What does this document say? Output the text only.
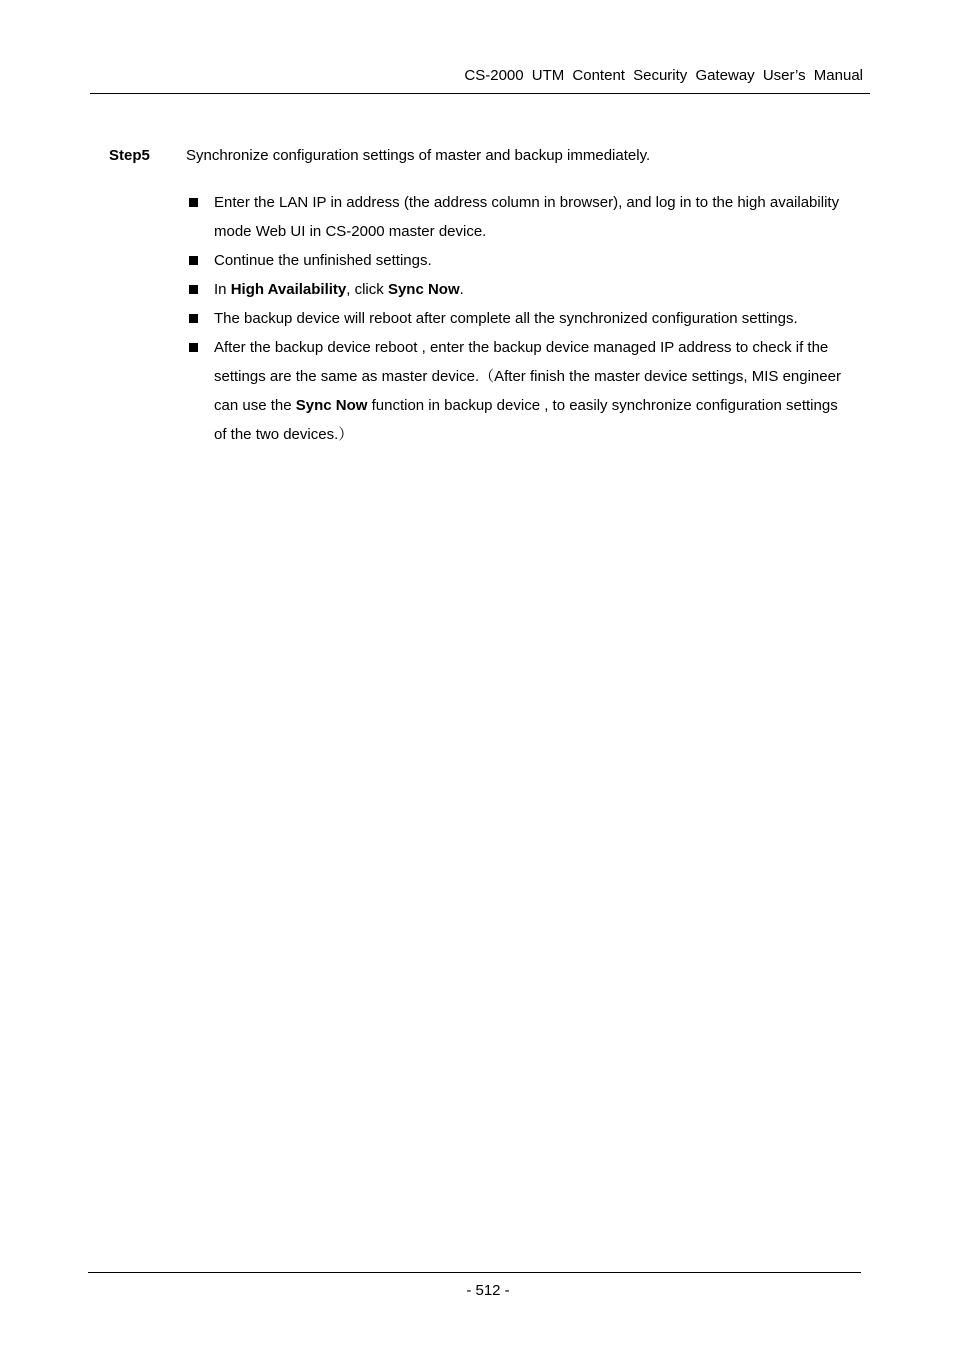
CS-2000 UTM Content Security Gateway User’s Manual
Step5 Synchronize configuration settings of master and backup immediately.
Enter the LAN IP in address (the address column in browser), and log in to the high availability mode Web UI in CS-2000 master device.
Continue the unfinished settings.
In High Availability, click Sync Now.
The backup device will reboot after complete all the synchronized configuration settings.
After the backup device reboot , enter the backup device managed IP address to check if the settings are the same as master device.（After finish the master device settings, MIS engineer can use the Sync Now function in backup device , to easily synchronize configuration settings of the two devices.）
- 512 -
